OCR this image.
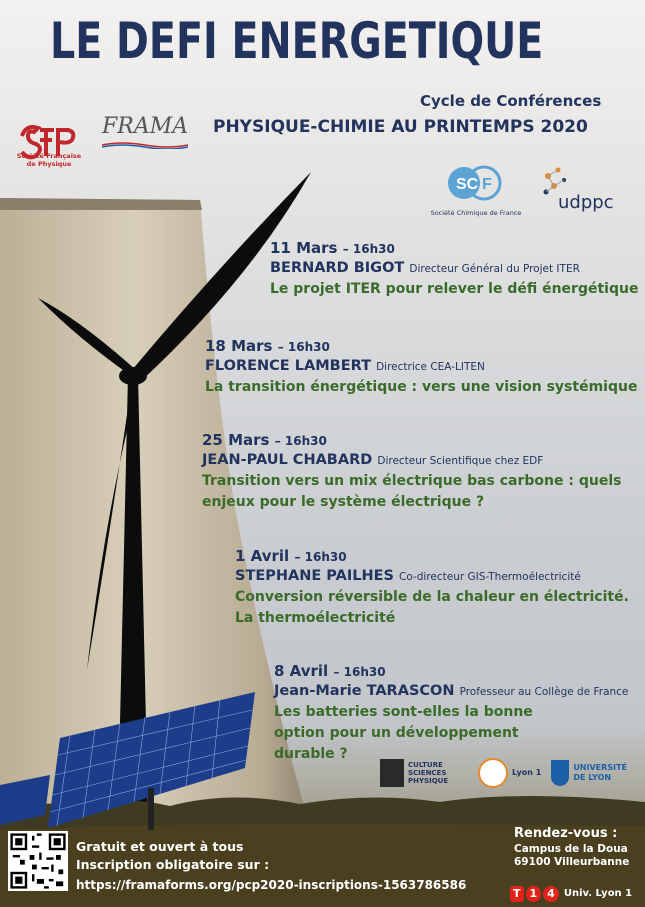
LE DEFI ENERGETIQUE
Cycle de Conférences
PHYSIQUE-CHIMIE AU PRINTEMPS 2020
Société Française de Physique
FRAMA
SC F
Société Chimique de France udppc
11 Mars – 16h30
BERNARD BIGOT Directeur Général du Projet ITER
Le projet ITER pour relever le défi énergétique
18 Mars – 16h30
FLORENCE LAMBERT Directrice CEA-LITEN
La transition énergétique : vers une vision systémique
25 Mars – 16h30
JEAN-PAUL CHABARD Directeur Scientifique chez EDF
Transition vers un mix électrique bas carbone : quels enjeux pour le système électrique ?
1 Avril – 16h30
STEPHANE PAILHES Co-directeur GIS-Thermoélectricité
Conversion réversible de la chaleur en électricité. La thermoélectricité
8 Avril – 16h30
Jean-Marie TARASCON Professeur au Collège de France
Les batteries sont-elles la bonne option pour un développement durable ?
CULTURE SCIENCES PHYSIQUE
Lyon 1
UNIVERSITÉ DE LYON
Gratuit et ouvert à tous
Inscription obligatoire sur :
https://framaforms.org/pcp2020-inscriptions-1563786586
Rendez-vous :
Campus de la Doua
69100 Villeurbanne
T 1 4 Univ. Lyon 1
